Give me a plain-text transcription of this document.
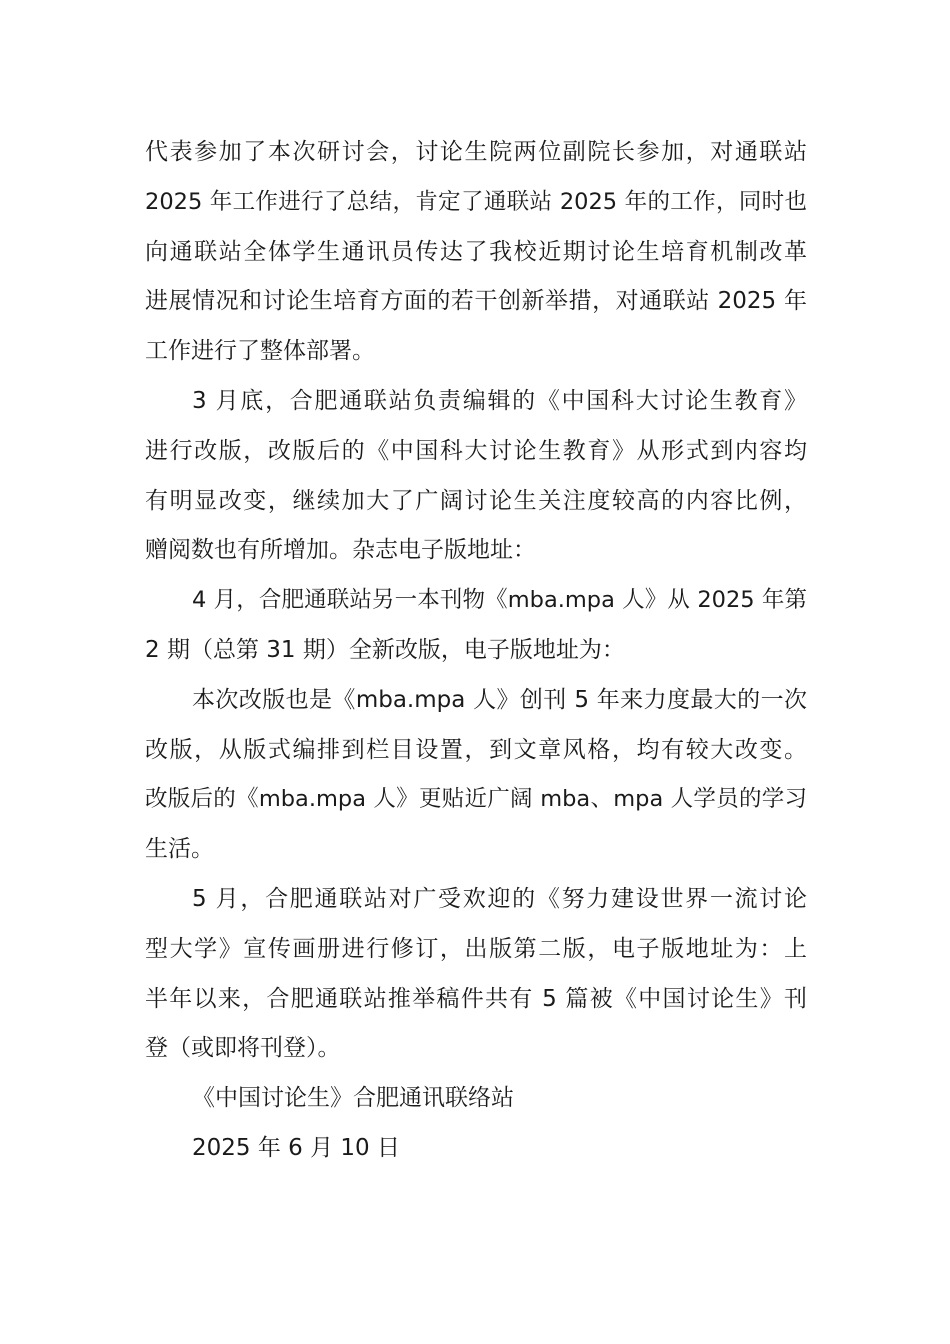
代表参加了本次研讨会，讨论生院两位副院长参加，对通联站
2025 年工作进行了总结，肯定了通联站 2025 年的工作，同时也
向通联站全体学生通讯员传达了我校近期讨论生培育机制改革
进展情况和讨论生培育方面的若干创新举措，对通联站 2025 年
工作进行了整体部署。
3 月底，合肥通联站负责编辑的《中国科大讨论生教育》
进行改版，改版后的《中国科大讨论生教育》从形式到内容均
有明显改变，继续加大了广阔讨论生关注度较高的内容比例，
赠阅数也有所增加。杂志电子版地址：
4 月，合肥通联站另一本刊物《mba.mpa 人》从 2025 年第
2 期（总第 31 期）全新改版，电子版地址为：
本次改版也是《mba.mpa 人》创刊 5 年来力度最大的一次
改版，从版式编排到栏目设置，到文章风格，均有较大改变。
改版后的《mba.mpa 人》更贴近广阔 mba、mpa 人学员的学习
生活。
5 月，合肥通联站对广受欢迎的《努力建设世界一流讨论
型大学》宣传画册进行修订，出版第二版，电子版地址为：上
半年以来，合肥通联站推举稿件共有 5 篇被《中国讨论生》刊
登（或即将刊登）。
《中国讨论生》合肥通讯联络站
2025 年 6 月 10 日
